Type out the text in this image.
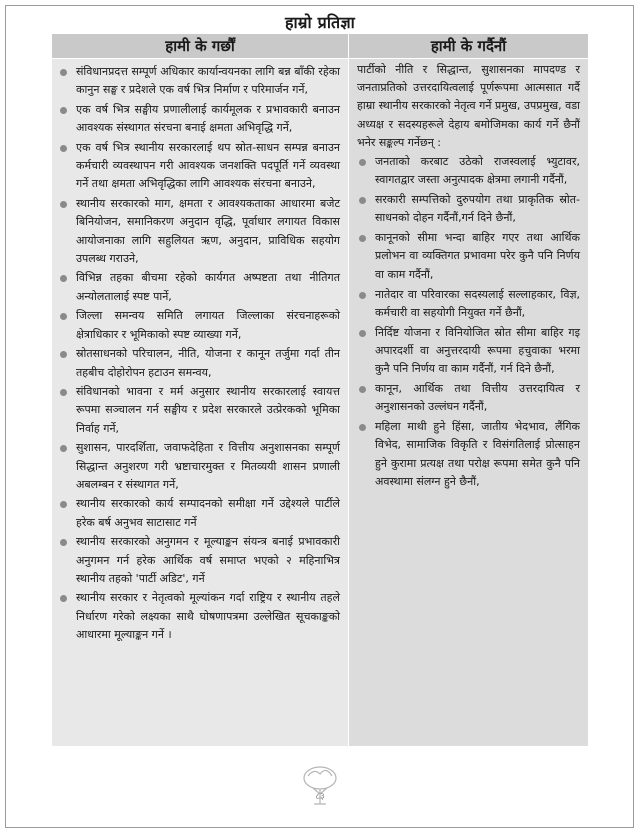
हाम्रो प्रतिज्ञा
हामी के गर्छौं	हामी के गर्दैनौं
संविधानप्रदत्त सम्पूर्ण अधिकार कार्यान्वयनका लागि बन्न बाँकी रहेका कानुन सङ्घ र प्रदेशले एक वर्ष भित्र निर्माण र परिमार्जन गर्ने,
एक वर्ष भित्र सङ्घीय प्रणालीलाई कार्यमूलक र प्रभावकारी बनाउन आवश्यक संस्थागत संरचना बनाई क्षमता अभिवृद्धि गर्ने,
एक वर्ष भित्र स्थानीय सरकारलाई थप स्रोत-साधन सम्पन्न बनाउन कर्मचारी व्यवस्थापन गरी आवश्यक जनशक्ति पदपूर्ति गर्ने व्यवस्था गर्ने तथा क्षमता अभिवृद्धिका लागि आवश्यक संरचना बनाउने,
स्थानीय सरकारको माग, क्षमता र आवश्यकताका आधारमा बजेट बिनियोजन, समानिकरण अनुदान वृद्धि, पूर्वाधार लगायत विकास आयोजनाका लागि सहुलियत ऋण, अनुदान, प्राविधिक सहयोग उपलब्ध गराउने,
विभिन्न तहका बीचमा रहेको कार्यगत अष्पष्टता तथा नीतिगत अन्योलतालाई स्पष्ट पार्ने,
जिल्ला समन्वय समिति लगायत जिल्लाका संरचनाहरूको क्षेत्राधिकार र भूमिकाको स्पष्ट व्याख्या गर्ने,
स्रोतसाधनको परिचालन, नीति, योजना र कानून तर्जुमा गर्दा तीन तहबीच दोहोरोपन हटाउन समन्वय,
संविधानको भावना र मर्म अनुसार स्थानीय सरकारलाई स्वायत्त रूपमा सञ्चालन गर्न सङ्घीय र प्रदेश सरकारले उत्प्रेरकको भूमिका निर्वाह गर्ने,
सुशासन, पारदर्शिता, जवाफदेहिता र वित्तीय अनुशासनका सम्पूर्ण सिद्धान्त अनुशरण गरी भ्रष्टाचारमुक्त र मितव्ययी शासन प्रणाली अबलम्बन र संस्थागत गर्ने,
स्थानीय सरकारको कार्य सम्पादनको समीक्षा गर्ने उद्देश्यले पार्टीले हरेक बर्ष अनुभव साटासाट गर्ने
स्थानीय सरकारको अनुगमन र मूल्याङ्कन संयन्त्र बनाई प्रभावकारी अनुगमन गर्न हरेक आर्थिक वर्ष समाप्त भएको २ महिनाभित्र स्थानीय तहको 'पार्टी अडिट', गर्ने
स्थानीय सरकार र नेतृत्वको मूल्यांकन गर्दा राष्ट्रिय र स्थानीय तहले निर्धारण गरेको लक्ष्यका साथै घोषणापत्रमा उल्लेखित सूचकाङ्कको आधारमा मूल्याङ्कन गर्ने ।
पार्टीको नीति र सिद्धान्त, सुशासनका मापदण्ड र जनताप्रतिको उत्तरदायित्वलाई पूर्णरूपमा आत्मसात गर्दै हाम्रा स्थानीय सरकारको नेतृत्व गर्ने प्रमुख, उपप्रमुख, वडा अध्यक्ष र सदस्यहरूले देहाय बमोजिमका कार्य गर्ने छैनौं भनेर सङ्कल्प गर्नेछन् :
जनताको करबाट उठेको राजस्वलाई भ्युटावर, स्वागतद्वार जस्ता अनुत्पादक क्षेत्रमा लगानी गर्दैनौं,
सरकारी सम्पत्तिको दुरुपयोग तथा प्राकृतिक स्रोत-साधनको दोहन गर्दैनौं,गर्न दिने छैनौं,
कानूनको सीमा भन्दा बाहिर गएर तथा आर्थिक प्रलोभन वा व्यक्तिगत प्रभावमा परेर कुनै पनि निर्णय वा काम गर्दैनौं,
नातेदार वा परिवारका सदस्यलाई सल्लाहकार, विज्ञ, कर्मचारी वा सहयोगी नियुक्त गर्ने छैनौं,
निर्दिष्ट योजना र विनियोजित स्रोत सीमा बाहिर गइ अपारदर्शी वा अनुत्तरदायी रूपमा हचुवाका भरमा कुनै पनि निर्णय वा काम गर्दैनौं, गर्न दिने छैनौं,
कानून, आर्थिक तथा वित्तीय उत्तरदायित्व र अनुशासनको उल्लंघन गर्दैनौं,
महिला माथी हुने हिंसा, जातीय भेदभाव, लैंगिक विभेद, सामाजिक विकृति र विसंगतिलाई प्रोत्साहन हुने कुरामा प्रत्यक्ष तथा परोक्ष रूपमा समेत कुनै पनि अवस्थामा संलग्न हुने छैनौं,
८३
